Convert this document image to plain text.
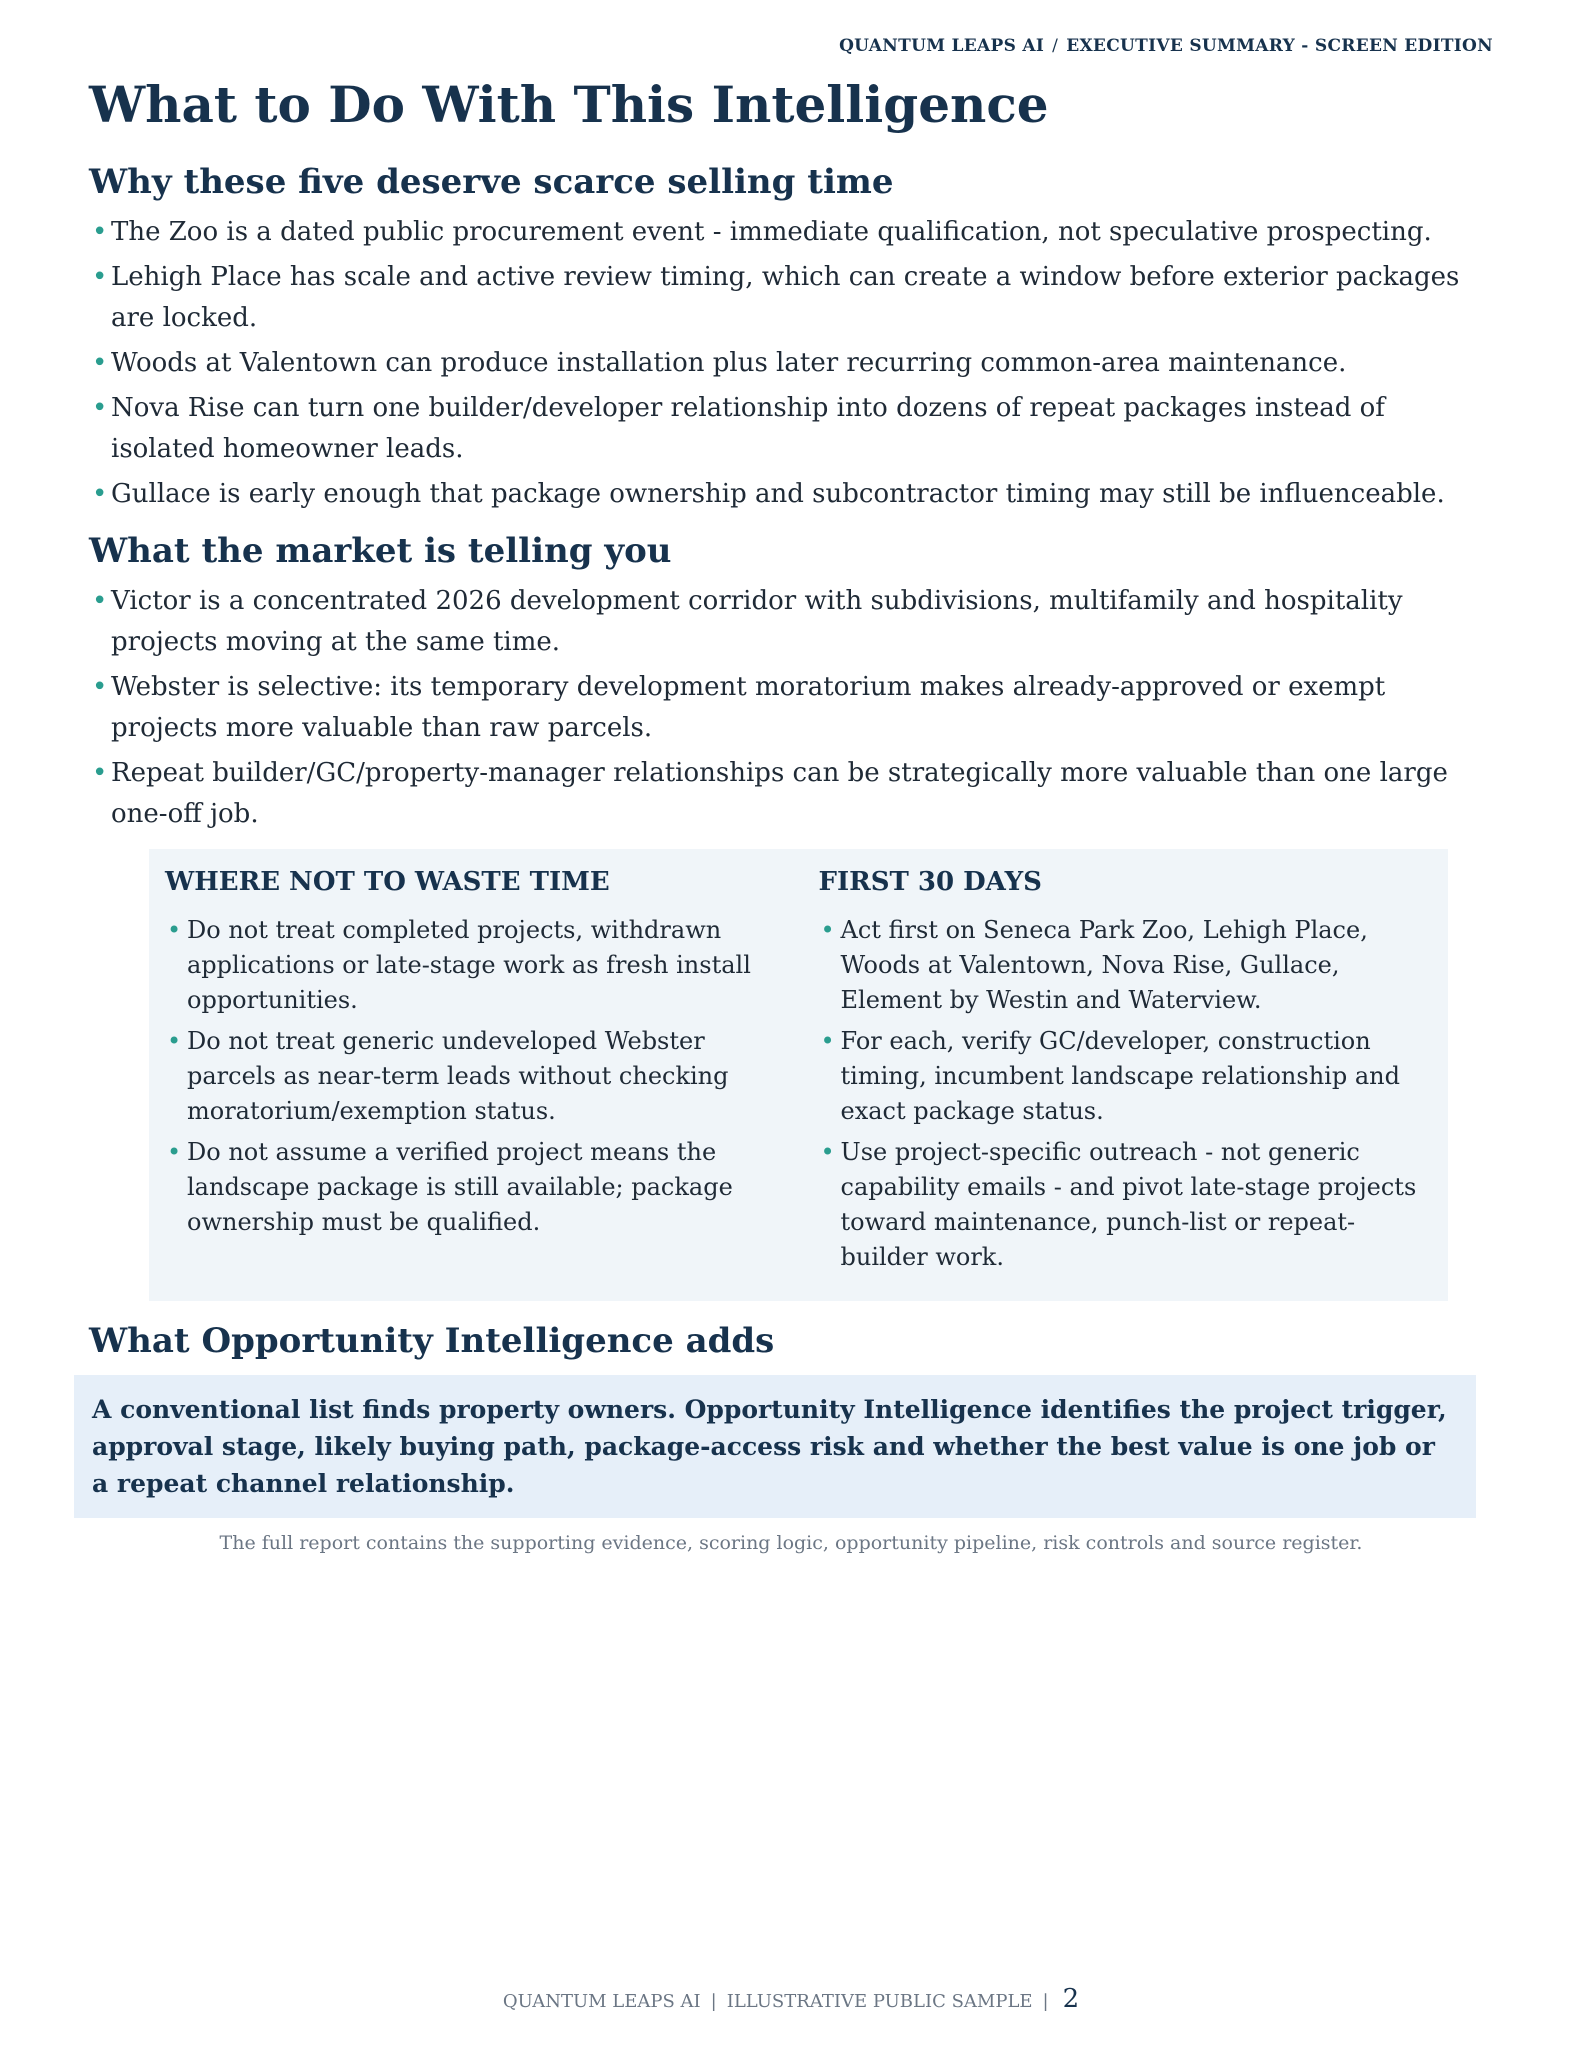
QUANTUM LEAPS AI / EXECUTIVE SUMMARY - SCREEN EDITION
What to Do With This Intelligence
Why these five deserve scarce selling time
• The Zoo is a dated public procurement event - immediate qualification, not speculative prospecting.
• Lehigh Place has scale and active review timing, which can create a window before exterior packages are locked.
• Woods at Valentown can produce installation plus later recurring common-area maintenance.
• Nova Rise can turn one builder/developer relationship into dozens of repeat packages instead of isolated homeowner leads.
• Gullace is early enough that package ownership and subcontractor timing may still be influenceable.
What the market is telling you
• Victor is a concentrated 2026 development corridor with subdivisions, multifamily and hospitality projects moving at the same time.
• Webster is selective: its temporary development moratorium makes already-approved or exempt projects more valuable than raw parcels.
• Repeat builder/GC/property-manager relationships can be strategically more valuable than one large one-off job.
WHERE NOT TO WASTE TIME
• Do not treat completed projects, withdrawn applications or late-stage work as fresh install opportunities.
• Do not treat generic undeveloped Webster parcels as near-term leads without checking moratorium/exemption status.
• Do not assume a verified project means the landscape package is still available; package ownership must be qualified.
FIRST 30 DAYS
• Act first on Seneca Park Zoo, Lehigh Place, Woods at Valentown, Nova Rise, Gullace, Element by Westin and Waterview.
• For each, verify GC/developer, construction timing, incumbent landscape relationship and exact package status.
• Use project-specific outreach - not generic capability emails - and pivot late-stage projects toward maintenance, punch-list or repeat-builder work.
What Opportunity Intelligence adds
A conventional list finds property owners. Opportunity Intelligence identifies the project trigger, approval stage, likely buying path, package-access risk and whether the best value is one job or a repeat channel relationship.
The full report contains the supporting evidence, scoring logic, opportunity pipeline, risk controls and source register.
QUANTUM LEAPS AI | ILLUSTRATIVE PUBLIC SAMPLE | 2
